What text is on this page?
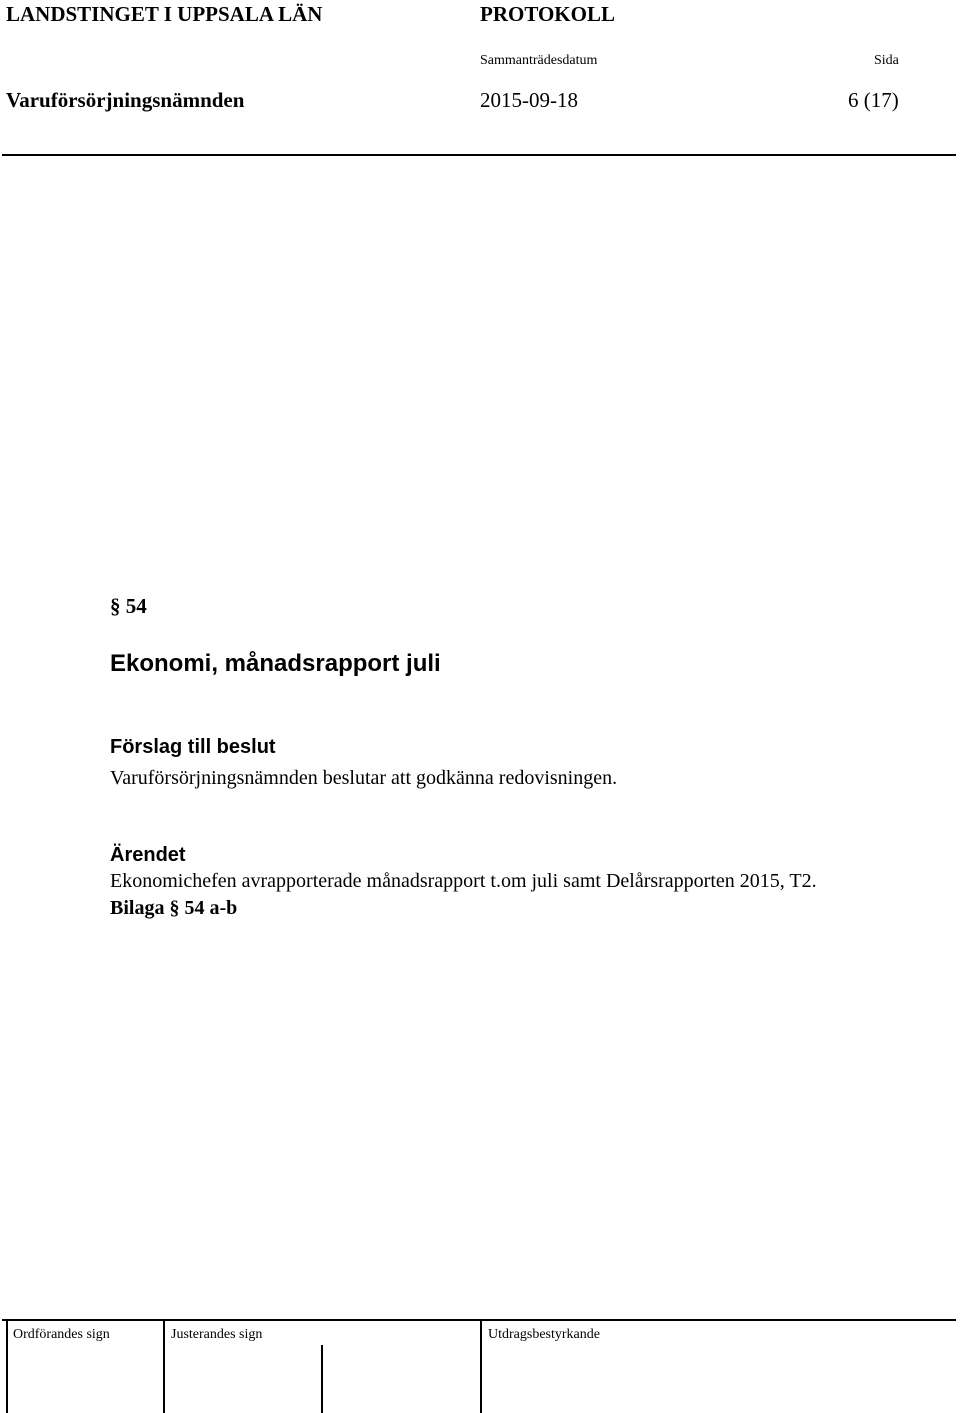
LANDSTINGET I UPPSALA LÄN	PROTOKOLL
Sammanträdesdatum	Sida
Varuförsörjningsnämnden	2015-09-18	6 (17)
§ 54
Ekonomi, månadsrapport juli
Förslag till beslut
Varuförsörjningsnämnden beslutar att godkänna redovisningen.
Ärendet
Ekonomichefen avrapporterade månadsrapport t.om juli samt Delårsrapporten 2015, T2.
Bilaga § 54 a-b
Ordförandes sign	Justerandes sign	Utdragsbestyrkande
